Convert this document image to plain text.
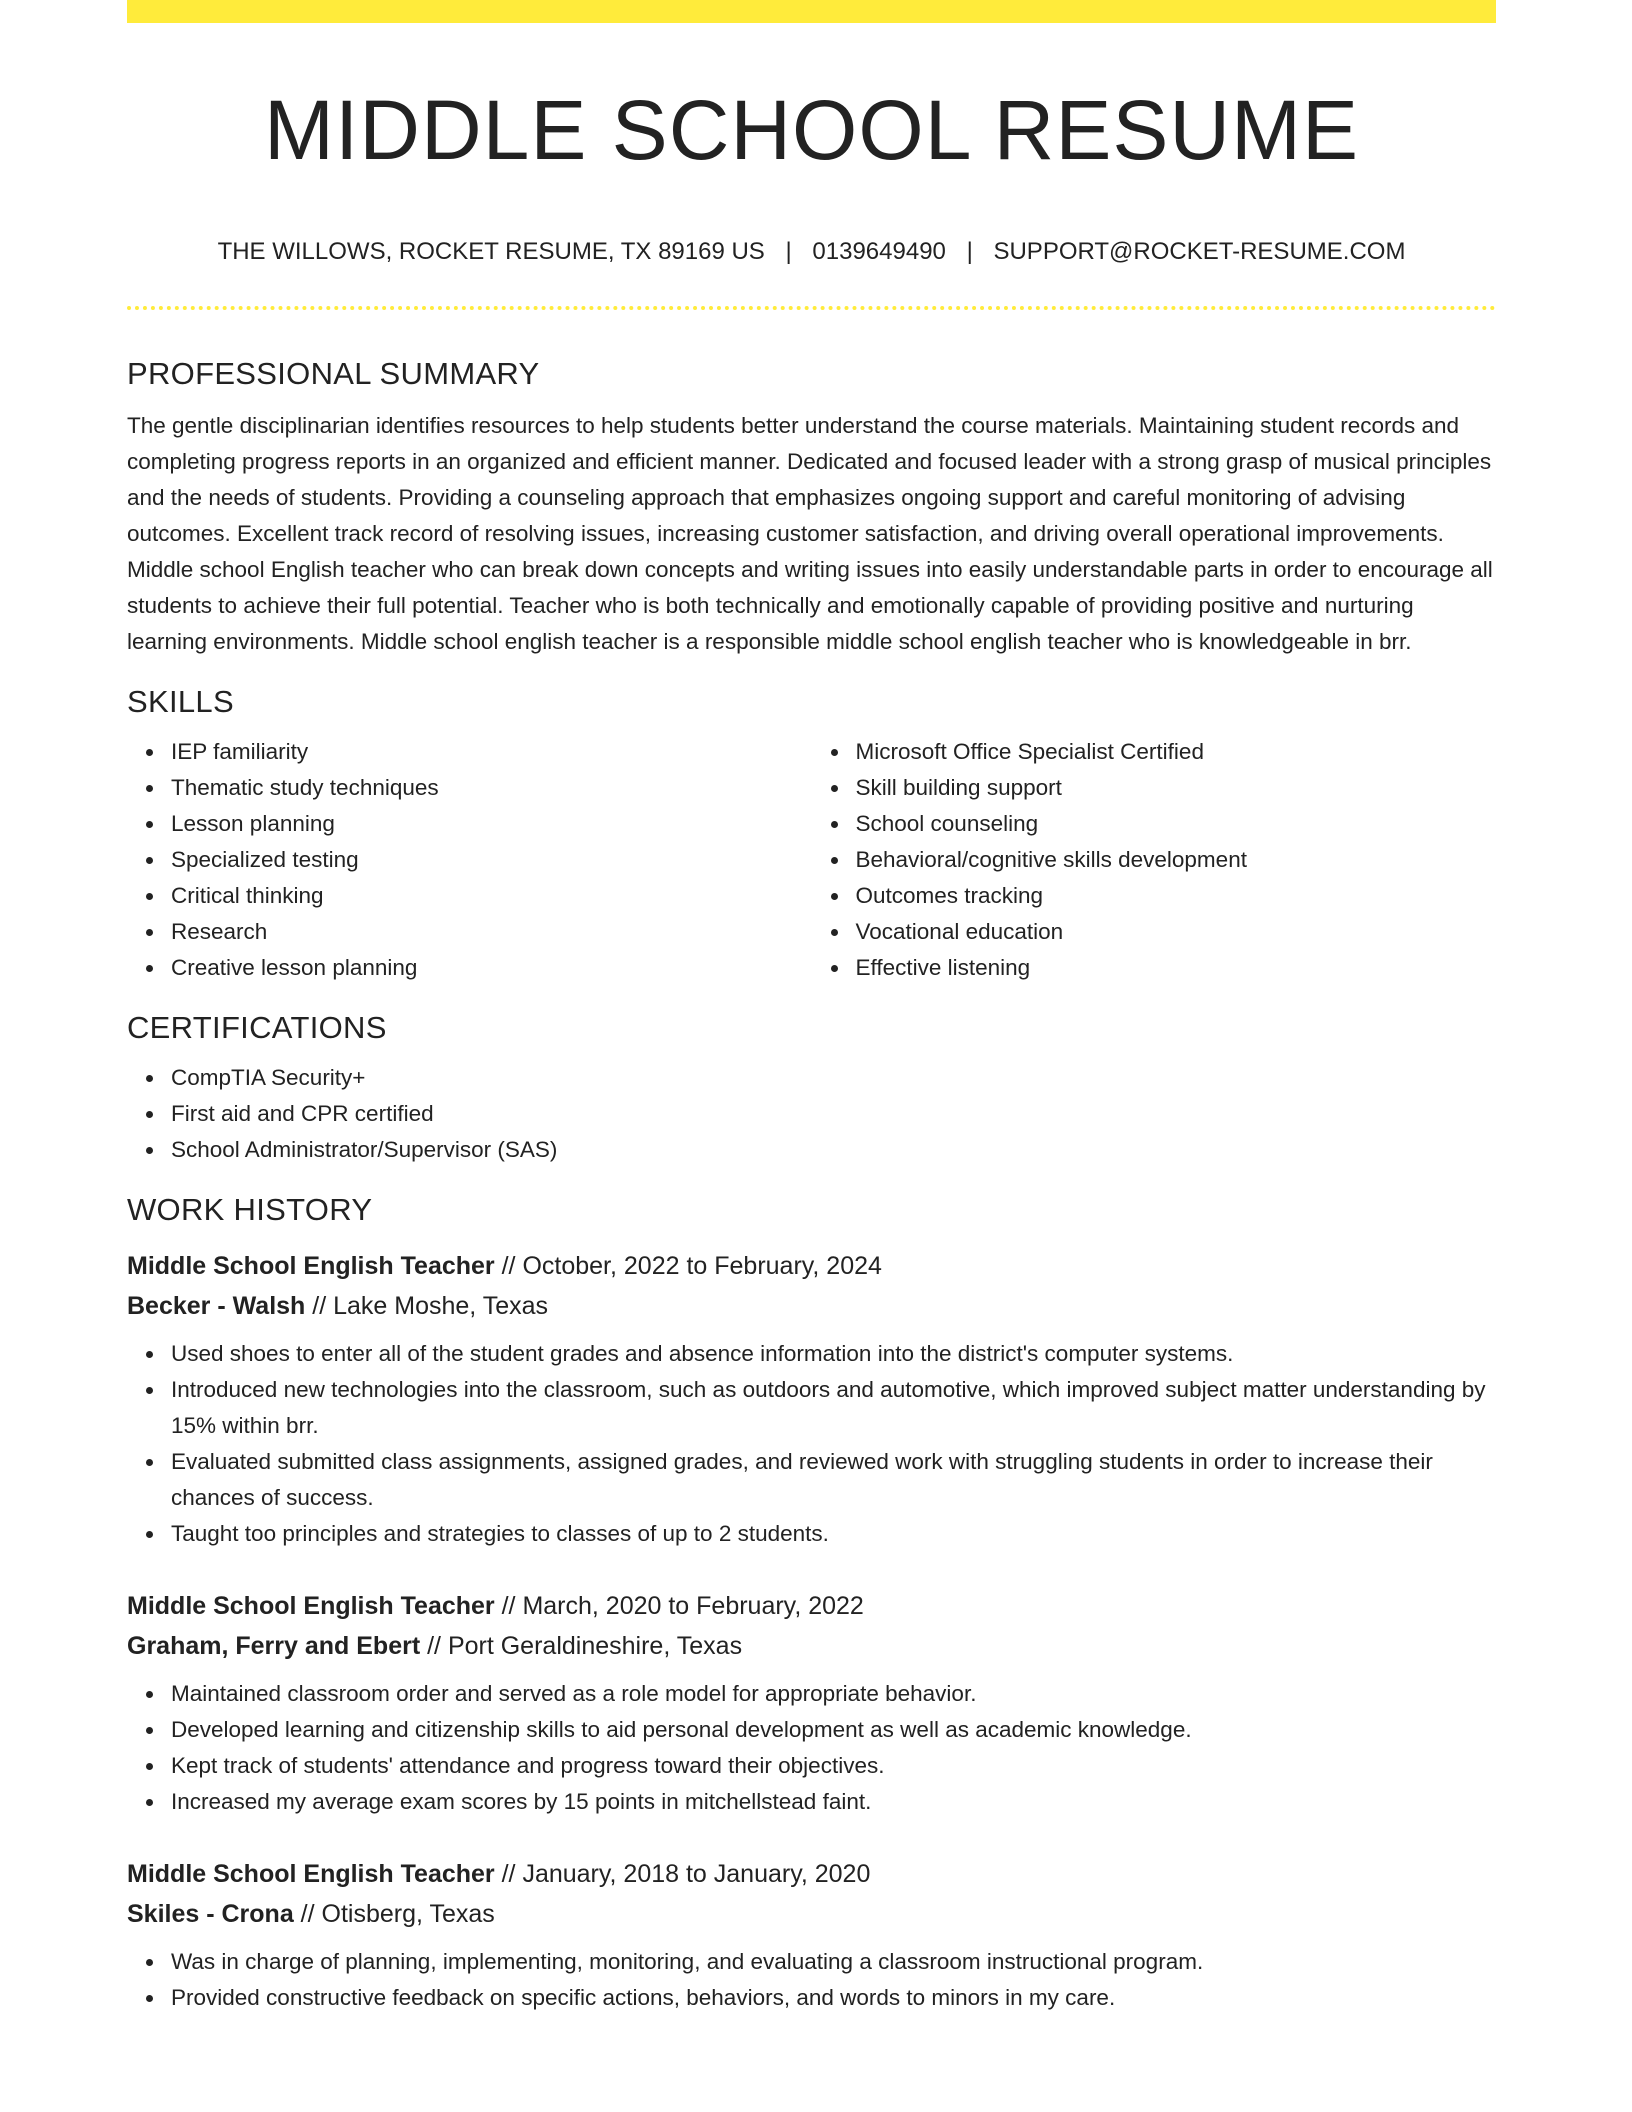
MIDDLE SCHOOL RESUME
THE WILLOWS, ROCKET RESUME, TX 89169 US | 0139649490 | SUPPORT@ROCKET-RESUME.COM
PROFESSIONAL SUMMARY

The gentle disciplinarian identifies resources to help students better understand the course materials. Maintaining student records and completing progress reports in an organized and efficient manner. Dedicated and focused leader with a strong grasp of musical principles and the needs of students. Providing a counseling approach that emphasizes ongoing support and careful monitoring of advising outcomes. Excellent track record of resolving issues, increasing customer satisfaction, and driving overall operational improvements. Middle school English teacher who can break down concepts and writing issues into easily understandable parts in order to encourage all students to achieve their full potential. Teacher who is both technically and emotionally capable of providing positive and nurturing learning environments. Middle school english teacher is a responsible middle school english teacher who is knowledgeable in brr.

SKILLS
IEP familiarity
Thematic study techniques
Lesson planning
Specialized testing
Critical thinking
Research
Creative lesson planning
Microsoft Office Specialist Certified
Skill building support
School counseling
Behavioral/cognitive skills development
Outcomes tracking
Vocational education
Effective listening
CERTIFICATIONS
CompTIA Security+
First aid and CPR certified
School Administrator/Supervisor (SAS)
WORK HISTORY
Middle School English Teacher // October, 2022 to February, 2024
Becker - Walsh // Lake Moshe, Texas
Used shoes to enter all of the student grades and absence information into the district's computer systems.
Introduced new technologies into the classroom, such as outdoors and automotive, which improved subject matter understanding by 15% within brr.
Evaluated submitted class assignments, assigned grades, and reviewed work with struggling students in order to increase their chances of success.
Taught too principles and strategies to classes of up to 2 students.
Middle School English Teacher // March, 2020 to February, 2022
Graham, Ferry and Ebert // Port Geraldineshire, Texas
Maintained classroom order and served as a role model for appropriate behavior.
Developed learning and citizenship skills to aid personal development as well as academic knowledge.
Kept track of students' attendance and progress toward their objectives.
Increased my average exam scores by 15 points in mitchellstead faint.
Middle School English Teacher // January, 2018 to January, 2020
Skiles - Crona // Otisberg, Texas
Was in charge of planning, implementing, monitoring, and evaluating a classroom instructional program.
Provided constructive feedback on specific actions, behaviors, and words to minors in my care.
